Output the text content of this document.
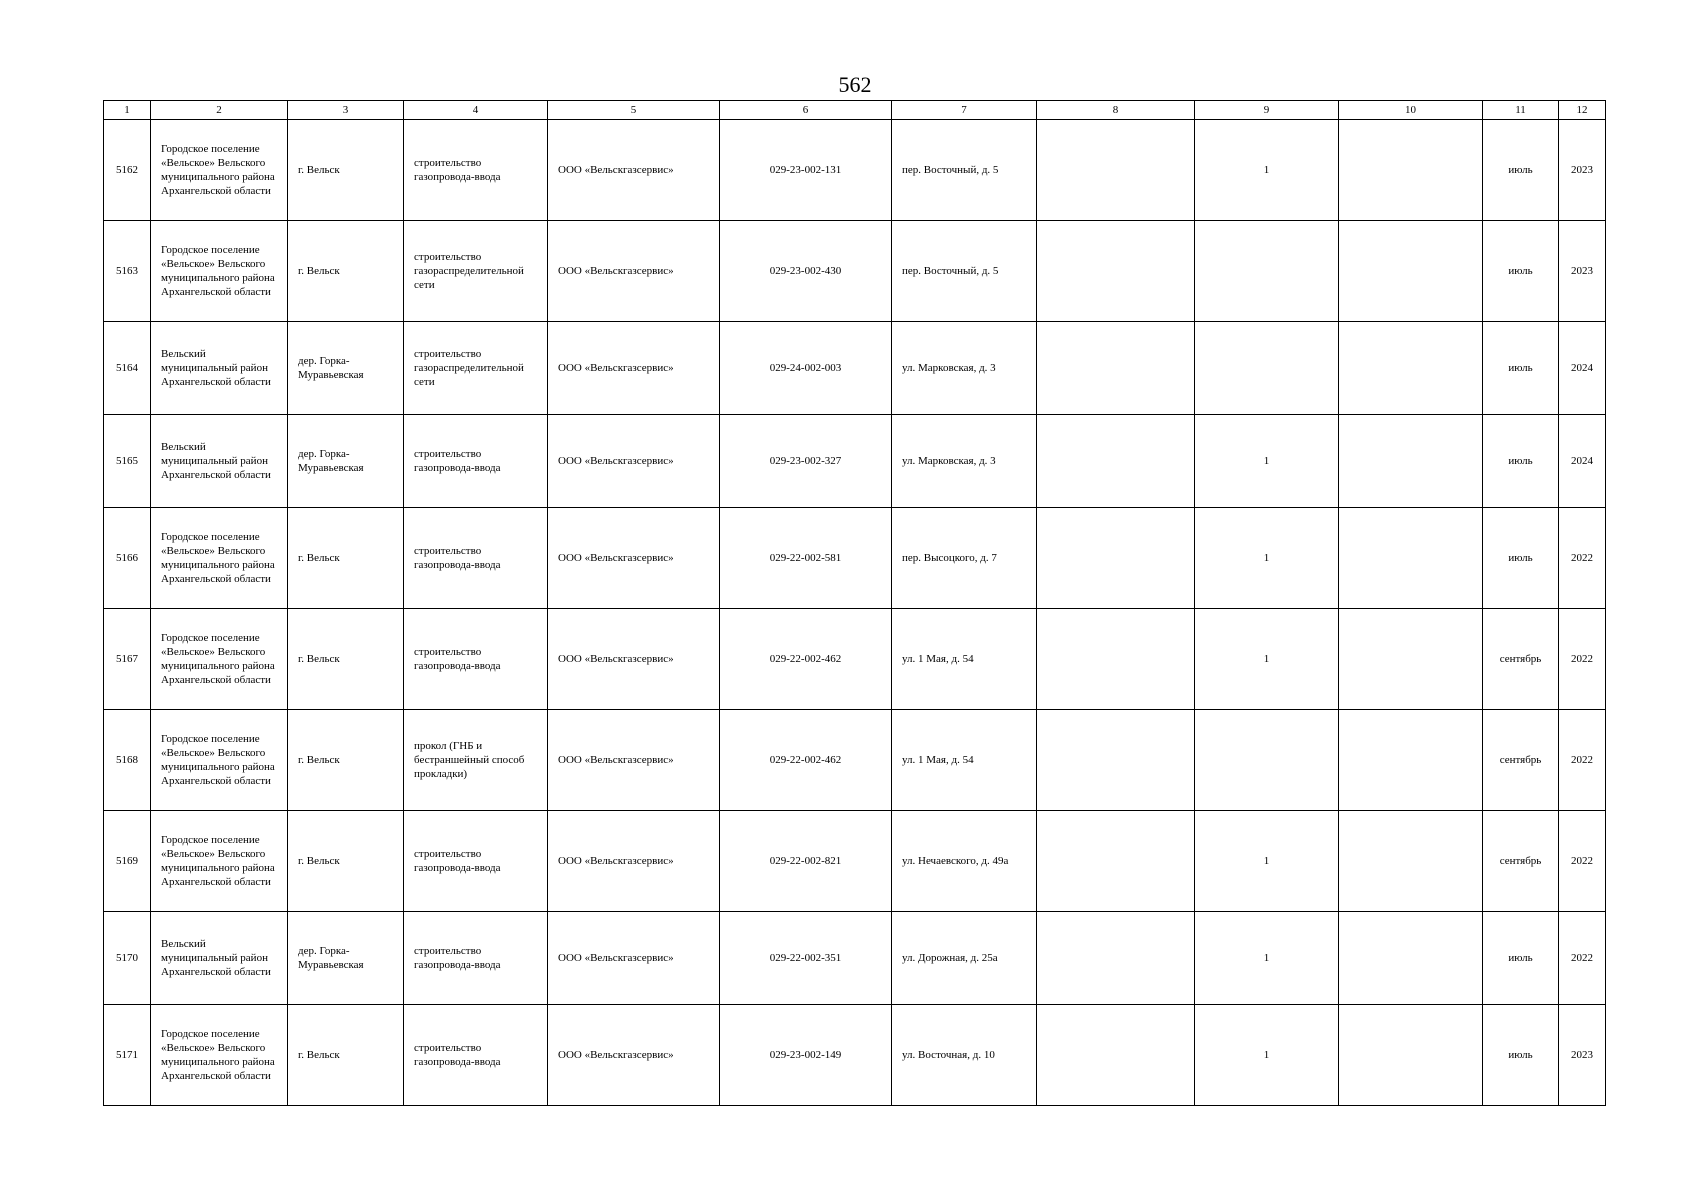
562
1	2	3	4	5	6	7	8	9	10	11	12
5162	Городское поселение «Вельское» Вельского муниципального района Архангельской области	г. Вельск	строительство газопровода-ввода	ООО «Вельскгазсервис»	029-23-002-131	пер. Восточный, д. 5		1		июль	2023
5163	Городское поселение «Вельское» Вельского муниципального района Архангельской области	г. Вельск	строительство газораспределительной сети	ООО «Вельскгазсервис»	029-23-002-430	пер. Восточный, д. 5				июль	2023
5164	Вельский муниципальный район Архангельской области	дер. Горка-Муравьевская	строительство газораспределительной сети	ООО «Вельскгазсервис»	029-24-002-003	ул. Марковская, д. 3				июль	2024
5165	Вельский муниципальный район Архангельской области	дер. Горка-Муравьевская	строительство газопровода-ввода	ООО «Вельскгазсервис»	029-23-002-327	ул. Марковская, д. 3		1		июль	2024
5166	Городское поселение «Вельское» Вельского муниципального района Архангельской области	г. Вельск	строительство газопровода-ввода	ООО «Вельскгазсервис»	029-22-002-581	пер. Высоцкого, д. 7		1		июль	2022
5167	Городское поселение «Вельское» Вельского муниципального района Архангельской области	г. Вельск	строительство газопровода-ввода	ООО «Вельскгазсервис»	029-22-002-462	ул. 1 Мая, д. 54		1		сентябрь	2022
5168	Городское поселение «Вельское» Вельского муниципального района Архангельской области	г. Вельск	прокол (ГНБ и бестраншейный способ прокладки)	ООО «Вельскгазсервис»	029-22-002-462	ул. 1 Мая, д. 54				сентябрь	2022
5169	Городское поселение «Вельское» Вельского муниципального района Архангельской области	г. Вельск	строительство газопровода-ввода	ООО «Вельскгазсервис»	029-22-002-821	ул. Нечаевского, д. 49а		1		сентябрь	2022
5170	Вельский муниципальный район Архангельской области	дер. Горка-Муравьевская	строительство газопровода-ввода	ООО «Вельскгазсервис»	029-22-002-351	ул. Дорожная, д. 25а		1		июль	2022
5171	Городское поселение «Вельское» Вельского муниципального района Архангельской области	г. Вельск	строительство газопровода-ввода	ООО «Вельскгазсервис»	029-23-002-149	ул. Восточная, д. 10		1		июль	2023
